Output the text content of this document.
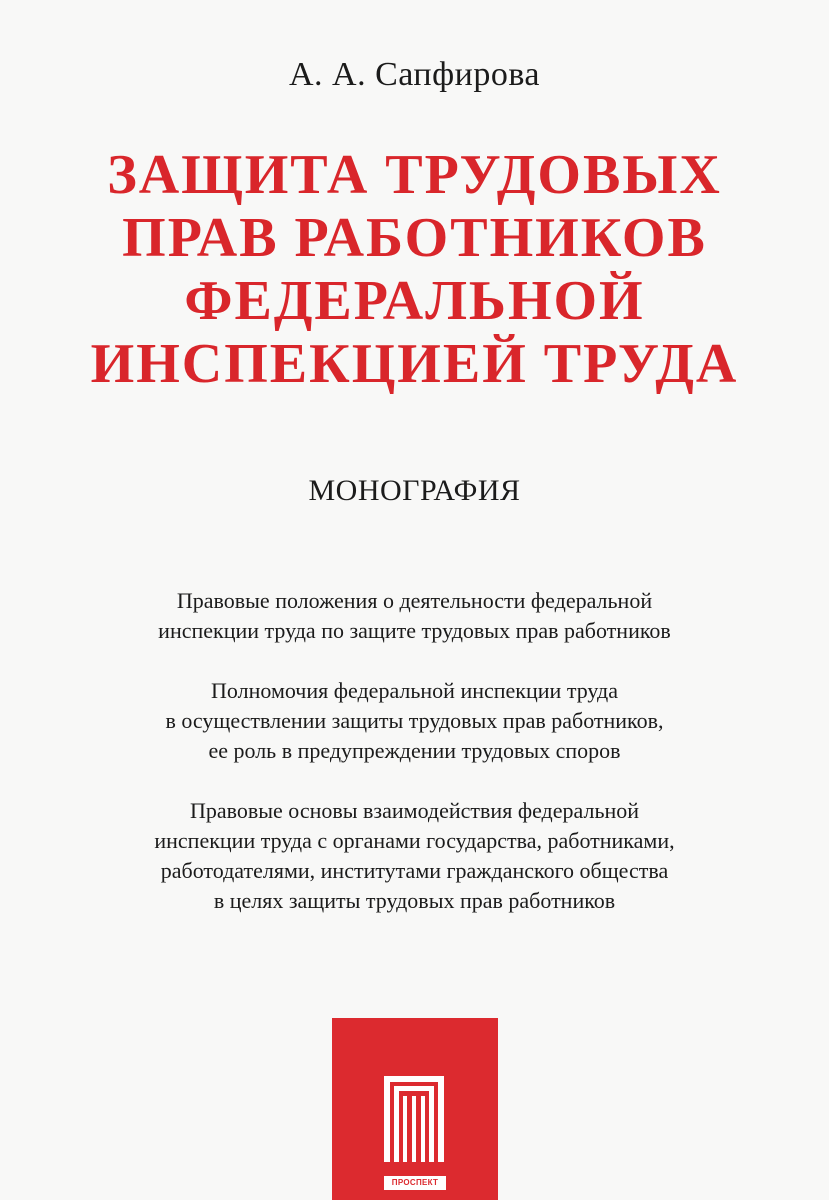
А. А. Сапфирова
ЗАЩИТА ТРУДОВЫХ
ПРАВ РАБОТНИКОВ
ФЕДЕРАЛЬНОЙ
ИНСПЕКЦИЕЙ ТРУДА
МОНОГРАФИЯ
Правовые положения о деятельности федеральной
инспекции труда по защите трудовых прав работников
Полномочия федеральной инспекции труда
в осуществлении защиты трудовых прав работников,
ее роль в предупреждении трудовых споров
Правовые основы взаимодействия федеральной
инспекции труда с органами государства, работниками,
работодателями, институтами гражданского общества
в целях защиты трудовых прав работников
ПРОСПЕКТ
